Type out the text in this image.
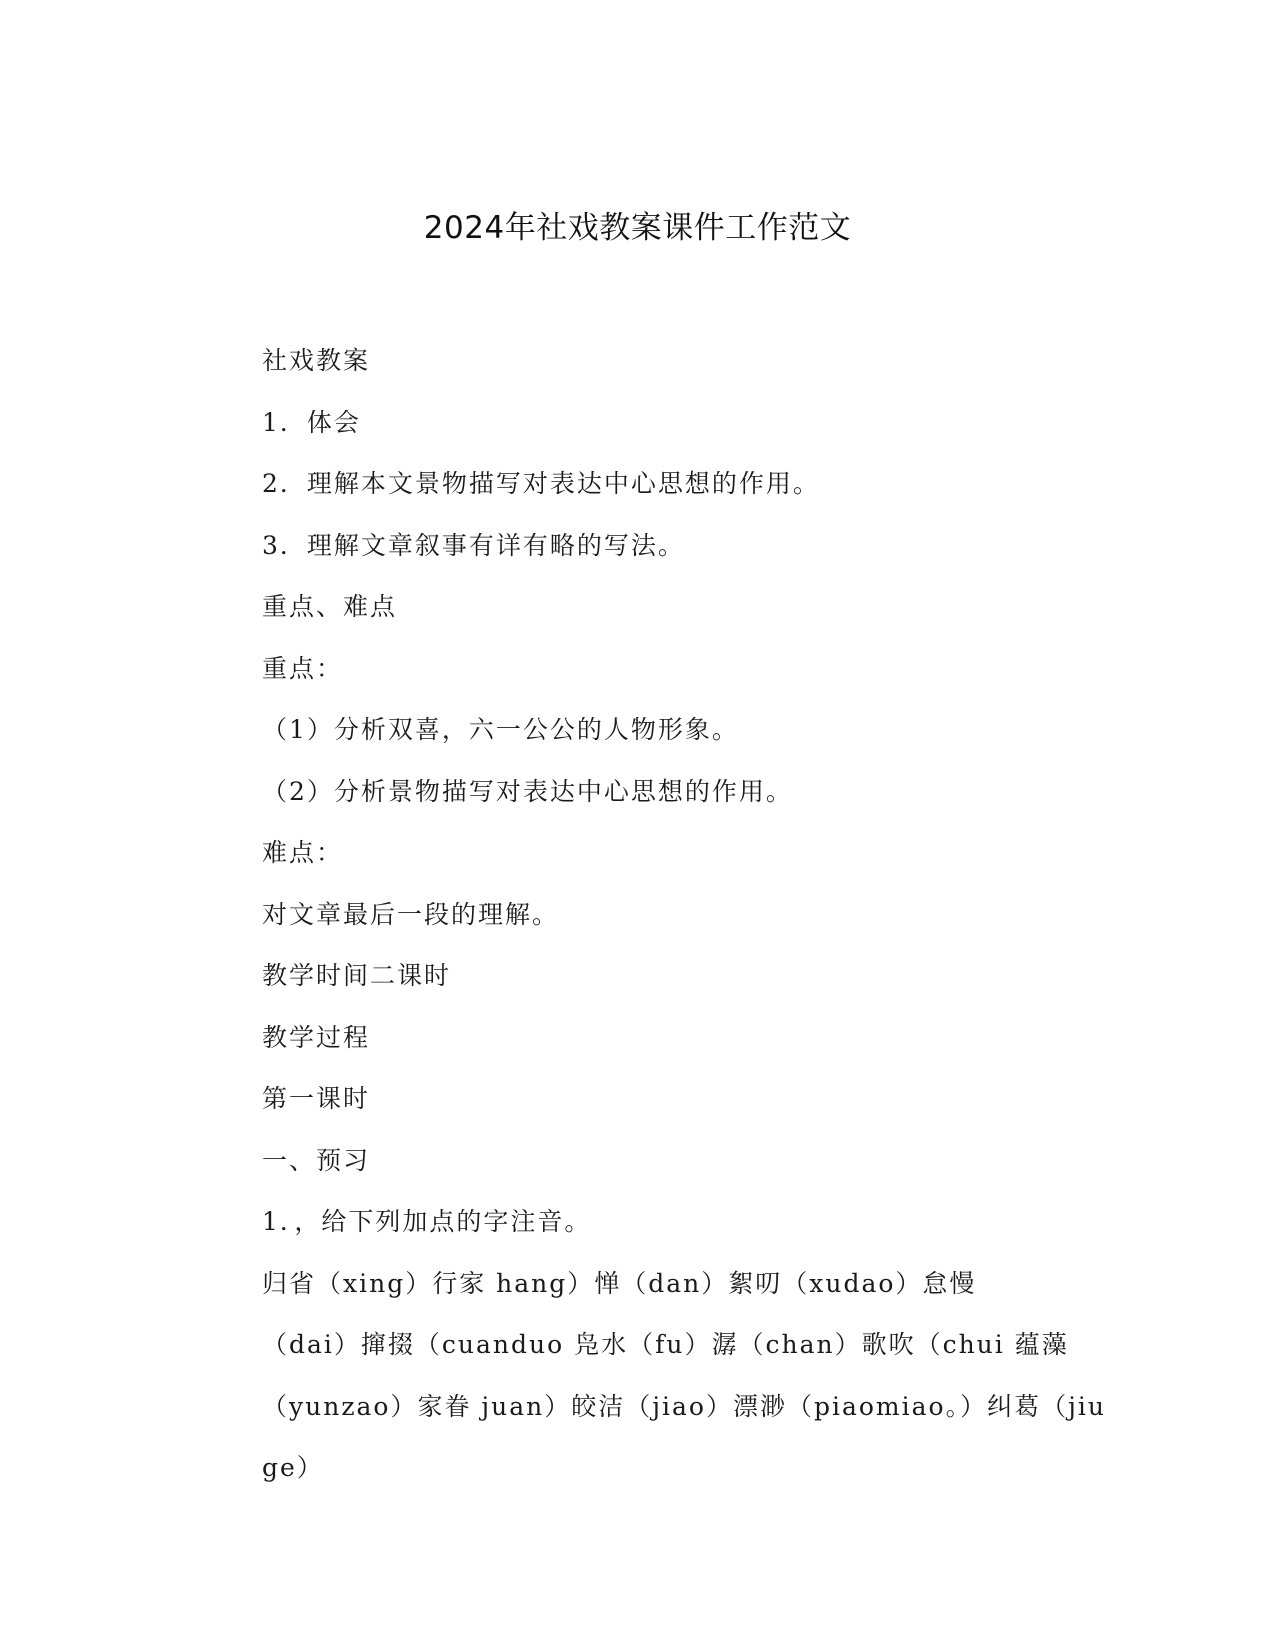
2024年社戏教案课件工作范文
社戏教案
1．体会
2．理解本文景物描写对表达中心思想的作用。
3．理解文章叙事有详有略的写法。
重点、难点
重点：
（1）分析双喜，六一公公的人物形象。
（2）分析景物描写对表达中心思想的作用。
难点：
对文章最后一段的理解。
教学时间二课时
教学过程
第一课时
一、预习
1．，给下列加点的字注音。
归省（xing）行家 hang）惮（dan）絮叨（xudao）怠慢
（dai）撺掇（cuanduo 凫水（fu）潺（chan）歌吹（chui 蕴藻
（yunzao）家眷 juan）皎洁（jiao）漂渺（piaomiao。）纠葛（jiu
ge）
